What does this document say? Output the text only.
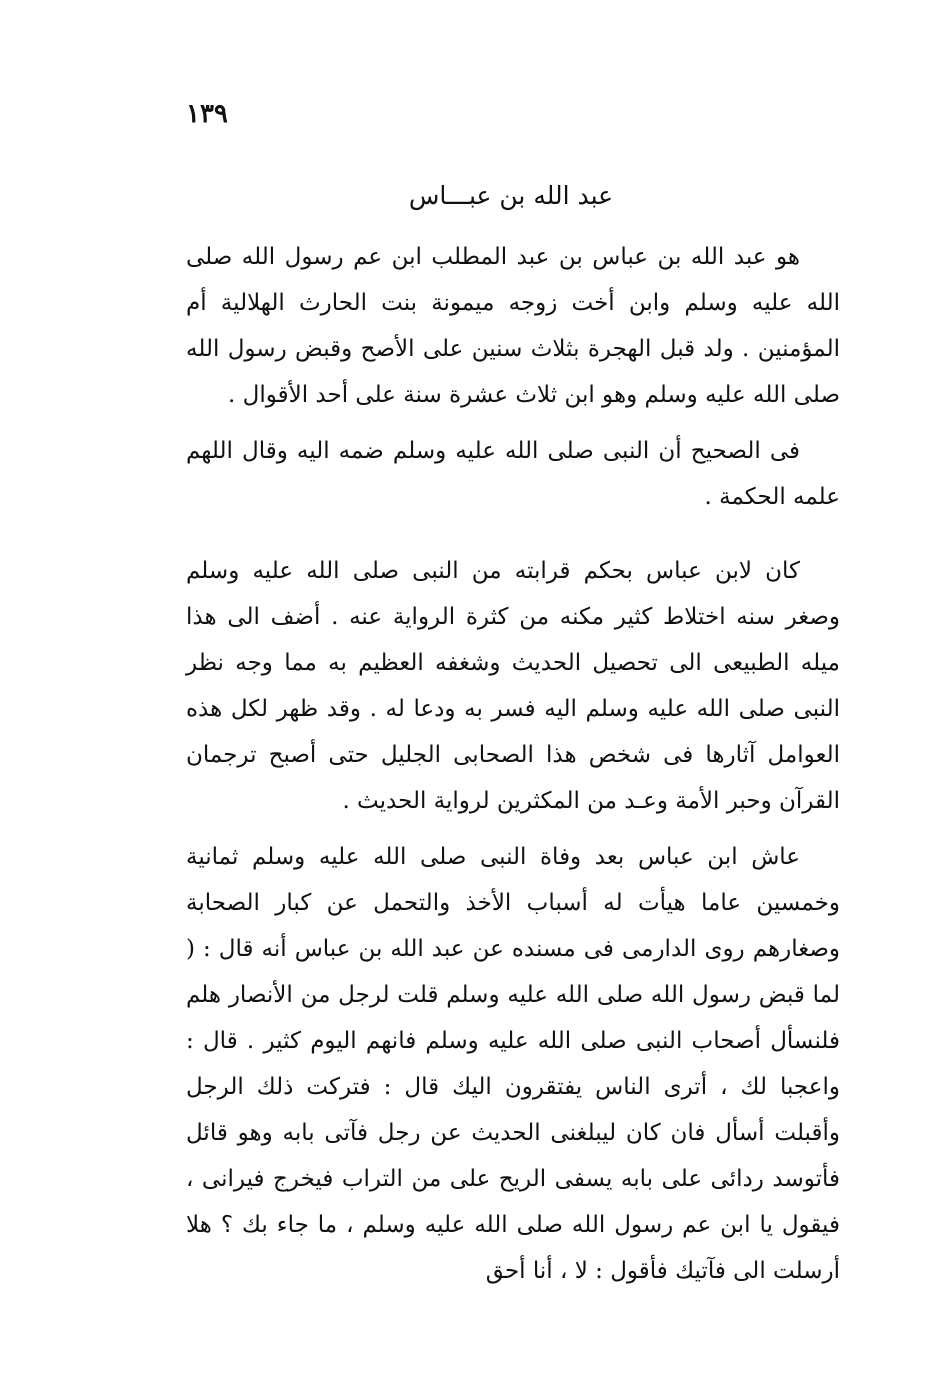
١٣٩
عبد الله بن عبـــاس

هو عبد الله بن عباس بن عبد المطلب ابن عم رسول الله صلى الله عليه وسلم وابن أخت زوجه ميمونة بنت الحارث الهلالية أم المؤمنين . ولد قبل الهجرة بثلاث سنين على الأصح وقبض رسول الله صلى الله عليه وسلم وهو ابن ثلاث عشرة سنة على أحد الأقوال .

فى الصحيح أن النبى صلى الله عليه وسلم ضمه اليه وقال اللهم علمه الحكمة .

كان لابن عباس بحكم قرابته من النبى صلى الله عليه وسلم وصغر سنه اختلاط كثير مكنه من كثرة الرواية عنه . أضف الى هذا ميله الطبيعى الى تحصيل الحديث وشغفه العظيم به مما وجه نظر النبى صلى الله عليه وسلم اليه فسر به ودعا له . وقد ظهر لكل هذه العوامل آثارها فى شخص هذا الصحابى الجليل حتى أصبح ترجمان القرآن وحبر الأمة وعـد من المكثرين لرواية الحديث .

عاش ابن عباس بعد وفاة النبى صلى الله عليه وسلم ثمانية وخمسين عاما هيأت له أسباب الأخذ والتحمل عن كبار الصحابة وصغارهم روى الدارمى فى مسنده عن عبد الله بن عباس أنه قال : ( لما قبض رسول الله صلى الله عليه وسلم قلت لرجل من الأنصار هلم فلنسأل أصحاب النبى صلى الله عليه وسلم فانهم اليوم كثير . قال : واعجبا لك ، أترى الناس يفتقرون اليك قال : فتركت ذلك الرجل وأقبلت أسأل فان كان ليبلغنى الحديث عن رجل فآتى بابه وهو قائل فأتوسد ردائى على بابه يسفى الريح على من التراب فيخرج فيرانى ، فيقول يا ابن عم رسول الله صلى الله عليه وسلم ، ما جاء بك ؟ هلا أرسلت الى فآتيك فأقول : لا ، أنا أحق
